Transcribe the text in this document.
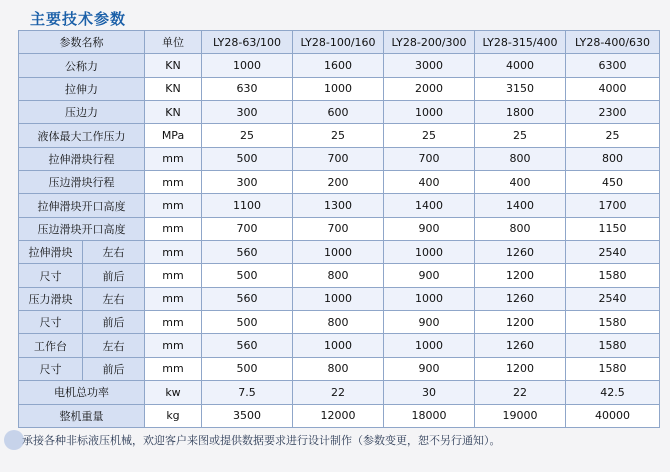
主要技术参数
参数名称		单位	LY28-63/100	LY28-100/160	LY28-200/300	LY28-315/400	LY28-400/630
公称力		KN	1000	1600	3000	4000	6300
拉伸力		KN	630	1000	2000	3150	4000
压边力		KN	300	600	1000	1800	2300
液体最大工作压力		MPa	25	25	25	25	25
拉伸滑块行程		mm	500	700	700	800	800
压边滑块行程		mm	300	200	400	400	450
拉伸滑块开口高度		mm	1100	1300	1400	1400	1700
压边滑块开口高度		mm	700	700	900	800	1150
拉伸滑块	左右	mm	560	1000	1000	1260	2540
尺寸	前后	mm	500	800	900	1200	1580
压力滑块	左右	mm	560	1000	1000	1260	2540
尺寸	前后	mm	500	800	900	1200	1580
工作台	左右	mm	560	1000	1000	1260	1580
尺寸	前后	mm	500	800	900	1200	1580
电机总功率		kw	7.5	22	30	22	42.5
整机重量		kg	3500	12000	18000	19000	40000
承接各种非标液压机械，欢迎客户来图或提供数据要求进行设计制作（参数变更，恕不另行通知）。
